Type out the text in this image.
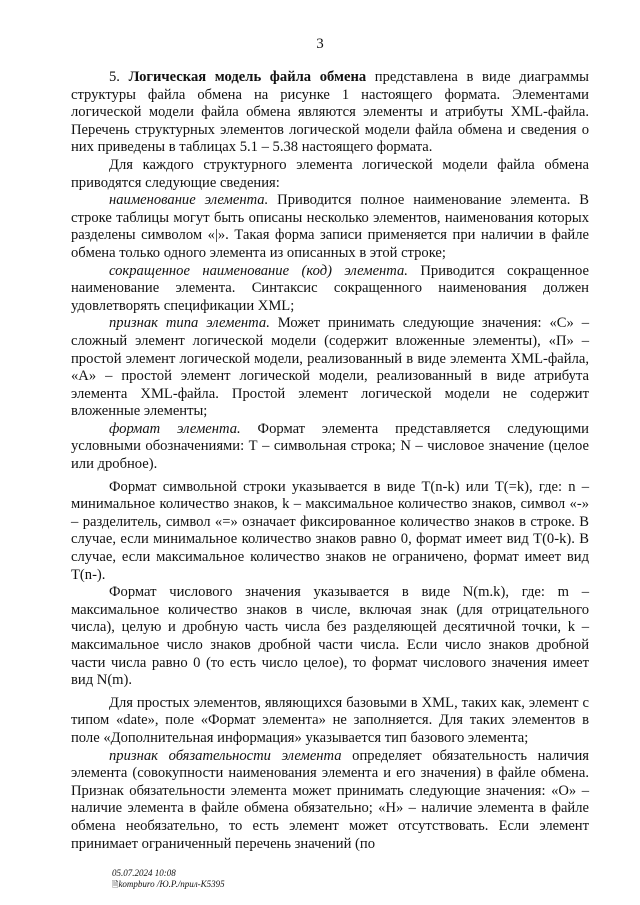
3

5. Логическая модель файла обмена представлена в виде диаграммы структуры файла обмена на рисунке 1 настоящего формата. Элементами логической модели файла обмена являются элементы и атрибуты XML-файла. Перечень структурных элементов логической модели файла обмена и сведения о них приведены в таблицах 5.1 – 5.38 настоящего формата.

Для каждого структурного элемента логической модели файла обмена приводятся следующие сведения:

наименование элемента. Приводится полное наименование элемента. В строке таблицы могут быть описаны несколько элементов, наименования которых разделены символом «|». Такая форма записи применяется при наличии в файле обмена только одного элемента из описанных в этой строке;

сокращенное наименование (код) элемента. Приводится сокращенное наименование элемента. Синтаксис сокращенного наименования должен удовлетворять спецификации XML;

признак типа элемента. Может принимать следующие значения: «С» – сложный элемент логической модели (содержит вложенные элементы), «П» – простой элемент логической модели, реализованный в виде элемента XML-файла, «А» – простой элемент логической модели, реализованный в виде атрибута элемента XML-файла. Простой элемент логической модели не содержит вложенные элементы;

формат элемента. Формат элемента представляется следующими условными обозначениями: Т – символьная строка; N – числовое значение (целое или дробное).

Формат символьной строки указывается в виде Т(n-k) или Т(=k), где: n – минимальное количество знаков, k – максимальное количество знаков, символ «-» – разделитель, символ «=» означает фиксированное количество знаков в строке. В случае, если минимальное количество знаков равно 0, формат имеет вид Т(0-k). В случае, если максимальное количество знаков не ограничено, формат имеет вид Т(n-).

Формат числового значения указывается в виде N(m.k), где: m – максимальное количество знаков в числе, включая знак (для отрицательного числа), целую и дробную часть числа без разделяющей десятичной точки, k – максимальное число знаков дробной части числа. Если число знаков дробной части числа равно 0 (то есть число целое), то формат числового значения имеет вид N(m).

Для простых элементов, являющихся базовыми в XML, таких как, элемент с типом «date», поле «Формат элемента» не заполняется. Для таких элементов в поле «Дополнительная информация» указывается тип базового элемента;

признак обязательности элемента определяет обязательность наличия элемента (совокупности наименования элемента и его значения) в файле обмена. Признак обязательности элемента может принимать следующие значения: «О» – наличие элемента в файле обмена обязательно; «Н» – наличие элемента в файле обмена необязательно, то есть элемент может отсутствовать. Если элемент принимает ограниченный перечень значений (по

05.07.2024 10:08
🗎kompburo /Ю.Р./прил-К5395
